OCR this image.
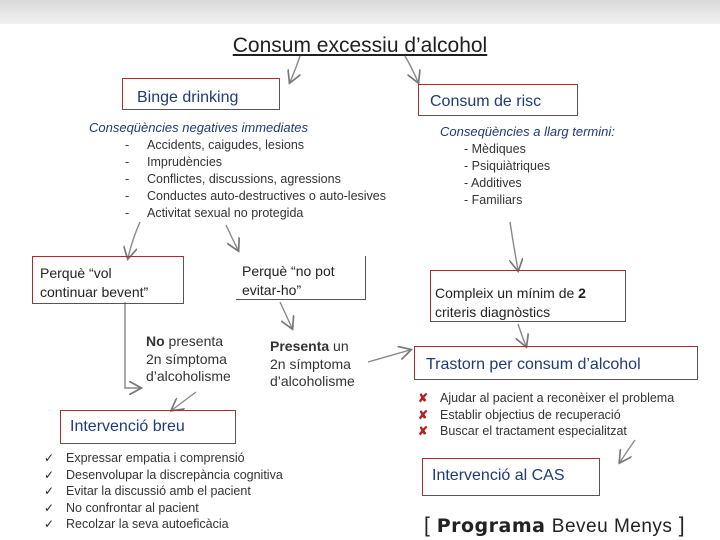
Consum excessiu d’alcohol
Binge drinking
Conseqüències negatives immediates
- Accidents, caigudes, lesions
- Imprudències
- Conflictes, discussions, agressions
- Conductes auto-destructives o auto-lesives
- Activitat sexual no protegida
Consum de risc
Conseqüències a llarg termini:
- Mèdiques
- Psiquiàtriques
- Additives
- Familiars
Perquè “vol
continuar bevent”
Perquè “no pot
evitar-ho”
No presenta
2n símptoma
d’alcoholisme
Presenta un
2n símptoma
d’alcoholisme
Compleix un mínim de 2
criteris diagnòstics
Trastorn per consum d’alcohol
✘ Ajudar al pacient a reconèixer el problema
✘ Establir objectius de recuperació
✘ Buscar el tractament especialitzat
Intervenció breu
✓ Expressar empatia i comprensió
✓ Desenvolupar la discrepància cognitiva
✓ Evitar la discussió amb el pacient
✓ No confrontar al pacient
✓ Recolzar la seva autoeficàcia
Intervenció al CAS
[ Programa Beveu Menys ]
